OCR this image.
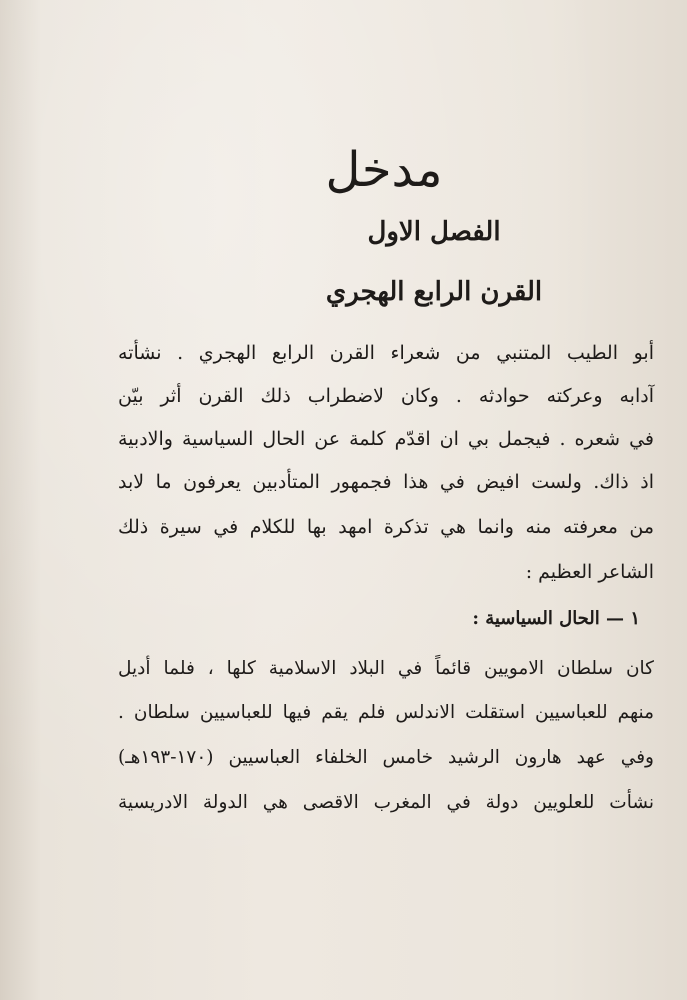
مدخل
الفصل الاول
القرن الرابع الهجري

أبو الطيب المتنبي من شعراء القرن الرابع الهجري . نشأته

آدابه وعركته حوادثه . وكان لاضطراب ذلك القرن أثر بيّن

في شعره . فيجمل بي ان اقدّم كلمة عن الحال السياسية والادبية

اذ ذاك. ولست افيض في هذا فجمهور المتأدبين يعرفون ما لابد

من معرفته منه وانما هي تذكرة امهد بها للكلام في سيرة ذلك

الشاعر العظيم :

١ — الحال السياسية :

كان سلطان الامويين قائماً في البلاد الاسلامية كلها ، فلما أديل

منهم للعباسيين استقلت الاندلس فلم يقم فيها للعباسيين سلطان .

وفي عهد هارون الرشيد خامس الخلفاء العباسيين (١٧٠-١٩٣هـ)

نشأت للعلويين دولة في المغرب الاقصى هي الدولة الادريسية
